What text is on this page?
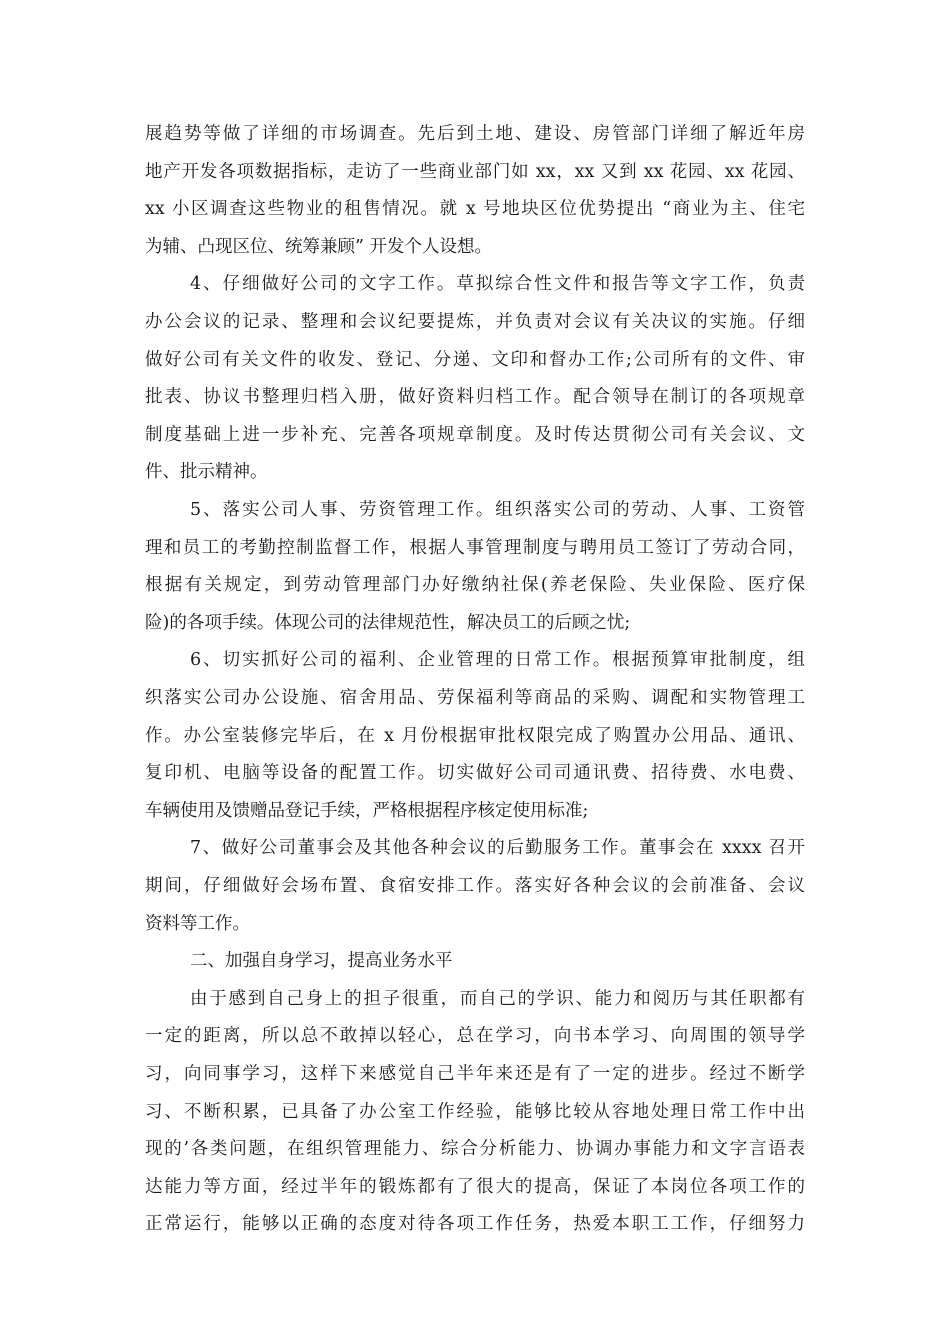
展趋势等做了详细的市场调查。先后到土地、建设、房管部门详细了解近年房
地产开发各项数据指标，走访了一些商业部门如 xx，xx 又到 xx 花园、xx 花园、
xx 小区调查这些物业的租售情况。就 x 号地块区位优势提出 “商业为主、住宅
为辅、凸现区位、统筹兼顾” 开发个人设想。
4、仔细做好公司的文字工作。草拟综合性文件和报告等文字工作，负责
办公会议的记录、整理和会议纪要提炼，并负责对会议有关决议的实施。仔细
做好公司有关文件的收发、登记、分递、文印和督办工作;公司所有的文件、审
批表、协议书整理归档入册，做好资料归档工作。配合领导在制订的各项规章
制度基础上进一步补充、完善各项规章制度。及时传达贯彻公司有关会议、文
件、批示精神。
5、落实公司人事、劳资管理工作。组织落实公司的劳动、人事、工资管
理和员工的考勤控制监督工作，根据人事管理制度与聘用员工签订了劳动合同，
根据有关规定，到劳动管理部门办好缴纳社保(养老保险、失业保险、医疗保
险)的各项手续。体现公司的法律规范性，解决员工的后顾之忧;
6、切实抓好公司的福利、企业管理的日常工作。根据预算审批制度，组
织落实公司办公设施、宿舍用品、劳保福利等商品的采购、调配和实物管理工
作。办公室装修完毕后，在 x 月份根据审批权限完成了购置办公用品、通讯、
复印机、电脑等设备的配置工作。切实做好公司司通讯费、招待费、水电费、
车辆使用及馈赠品登记手续，严格根据程序核定使用标准;
7、做好公司董事会及其他各种会议的后勤服务工作。董事会在 xxxx 召开
期间，仔细做好会场布置、食宿安排工作。落实好各种会议的会前准备、会议
资料等工作。
二、加强自身学习，提高业务水平
由于感到自己身上的担子很重，而自己的学识、能力和阅历与其任职都有
一定的距离，所以总不敢掉以轻心，总在学习，向书本学习、向周围的领导学
习，向同事学习，这样下来感觉自己半年来还是有了一定的进步。经过不断学
习、不断积累，已具备了办公室工作经验，能够比较从容地处理日常工作中出
现的’各类问题，在组织管理能力、综合分析能力、协调办事能力和文字言语表
达能力等方面，经过半年的锻炼都有了很大的提高，保证了本岗位各项工作的
正常运行，能够以正确的态度对待各项工作任务，热爱本职工工作，仔细努力
